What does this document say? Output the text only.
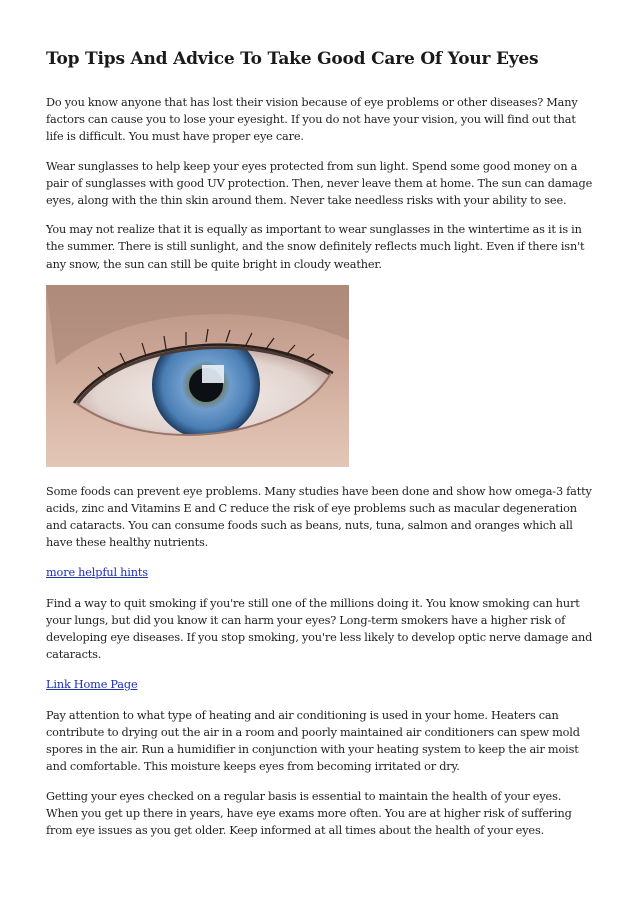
Top Tips And Advice To Take Good Care Of Your Eyes

Do you know anyone that has lost their vision because of eye problems or other diseases? Many factors can cause you to lose your eyesight. If you do not have your vision, you will find out that life is difficult. You must have proper eye care.

Wear sunglasses to help keep your eyes protected from sun light. Spend some good money on a pair of sunglasses with good UV protection. Then, never leave them at home. The sun can damage eyes, along with the thin skin around them. Never take needless risks with your ability to see.

You may not realize that it is equally as important to wear sunglasses in the wintertime as it is in the summer. There is still sunlight, and the snow definitely reflects much light. Even if there isn't any snow, the sun can still be quite bright in cloudy weather.

Some foods can prevent eye problems. Many studies have been done and show how omega-3 fatty acids, zinc and Vitamins E and C reduce the risk of eye problems such as macular degeneration and cataracts. You can consume foods such as beans, nuts, tuna, salmon and oranges which all have these healthy nutrients.

more helpful hints

Find a way to quit smoking if you're still one of the millions doing it. You know smoking can hurt your lungs, but did you know it can harm your eyes? Long-term smokers have a higher risk of developing eye diseases. If you stop smoking, you're less likely to develop optic nerve damage and cataracts.

Link Home Page

Pay attention to what type of heating and air conditioning is used in your home. Heaters can contribute to drying out the air in a room and poorly maintained air conditioners can spew mold spores in the air. Run a humidifier in conjunction with your heating system to keep the air moist and comfortable. This moisture keeps eyes from becoming irritated or dry.

Getting your eyes checked on a regular basis is essential to maintain the health of your eyes. When you get up there in years, have eye exams more often. You are at higher risk of suffering from eye issues as you get older. Keep informed at all times about the health of your eyes.
